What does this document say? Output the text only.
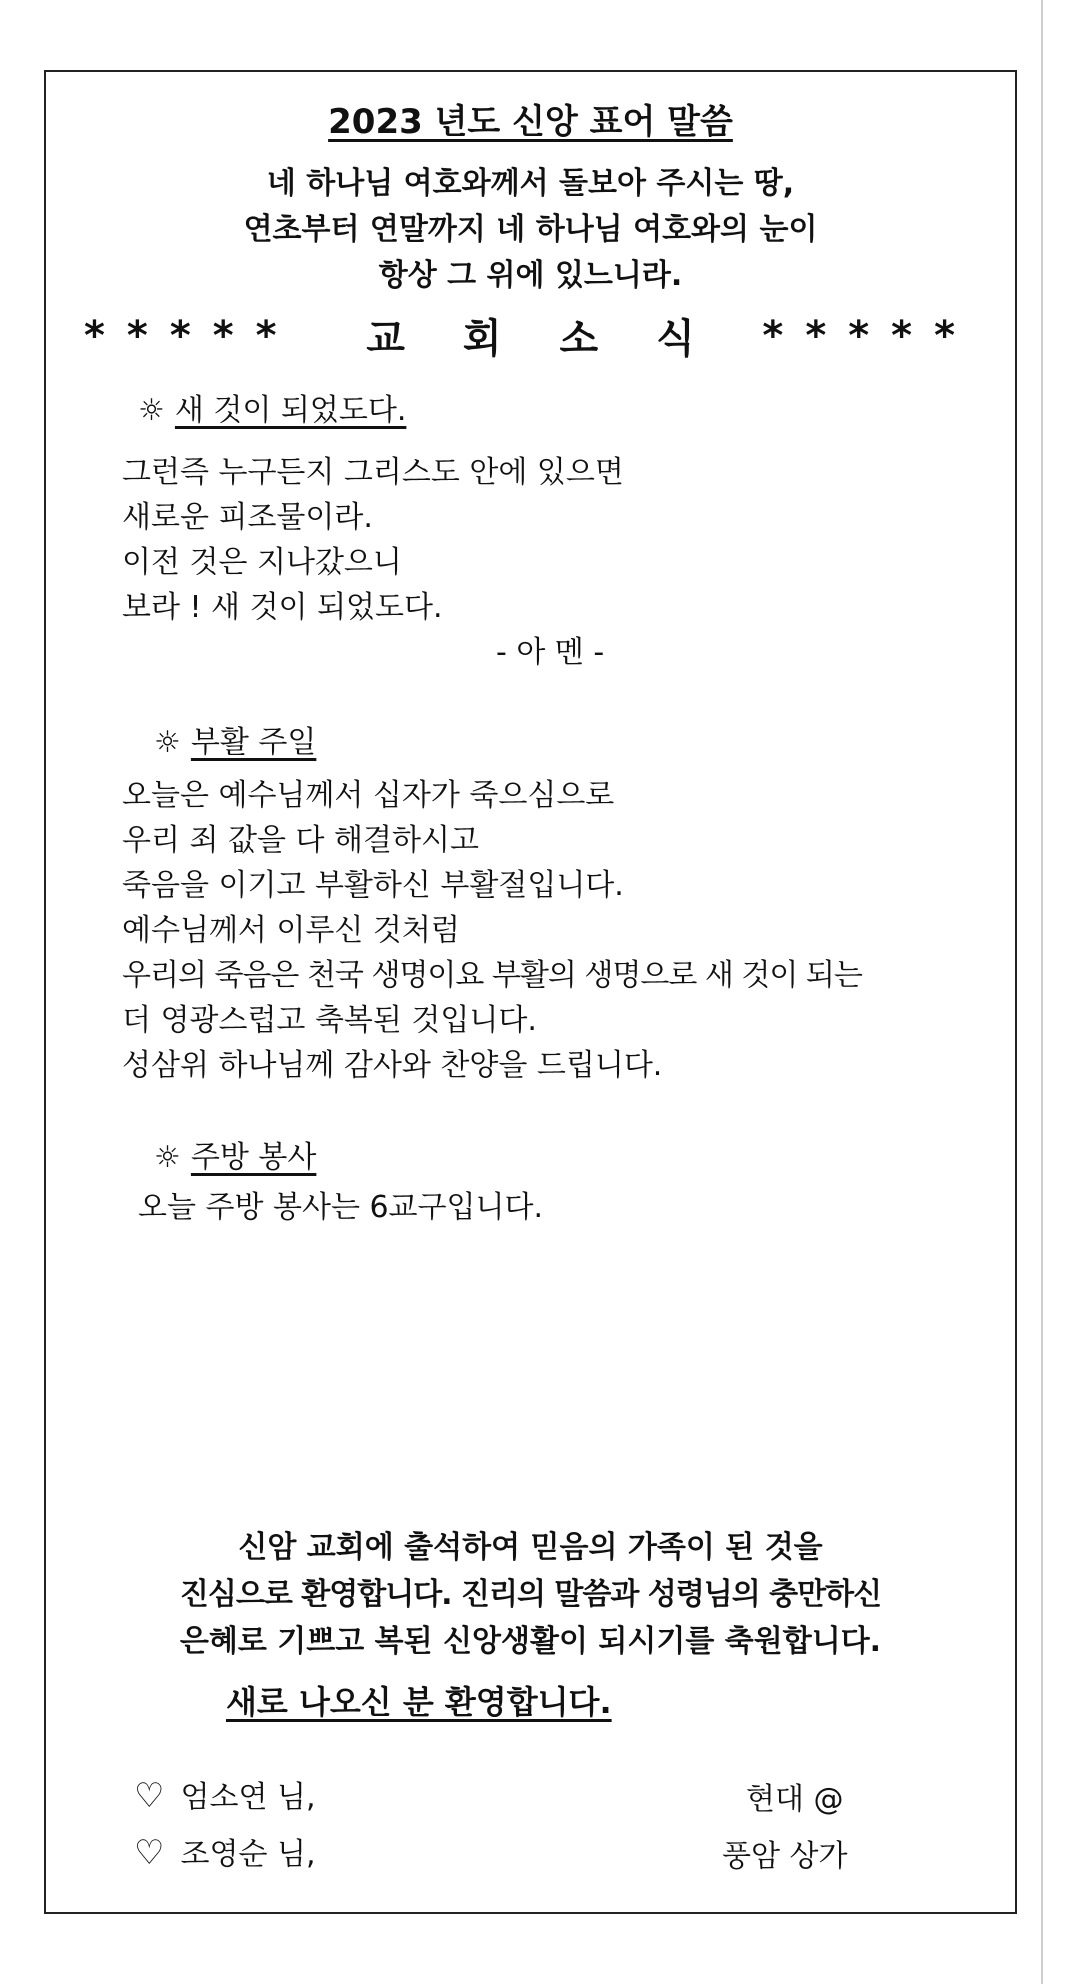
2023 년도 신앙 표어 말씀
네 하나님 여호와께서 돌보아 주시는 땅,
연초부터 연말까지 네 하나님 여호와의 눈이
항상 그 위에 있느니라.
***** 교회소식 *****
☼ 새 것이 되었도다.
그런즉 누구든지 그리스도 안에 있으면
새로운 피조물이라.
이전 것은 지나갔으니
보라 ! 새 것이 되었도다.
- 아 멘 -
☼ 부활 주일
오늘은 예수님께서 십자가 죽으심으로
우리 죄 값을 다 해결하시고
죽음을 이기고 부활하신 부활절입니다.
예수님께서 이루신 것처럼
우리의 죽음은 천국 생명이요 부활의 생명으로 새 것이 되는
더 영광스럽고 축복된 것입니다.
성삼위 하나님께 감사와 찬양을 드립니다.
☼ 주방 봉사
오늘 주방 봉사는 6교구입니다.
신암 교회에 출석하여 믿음의 가족이 된 것을
진심으로 환영합니다. 진리의 말씀과 성령님의 충만하신
은혜로 기쁘고 복된 신앙생활이 되시기를 축원합니다.
새로 나오신 분 환영합니다.
♡ 엄소연 님,	현대 @
♡ 조영순 님,	풍암 상가
